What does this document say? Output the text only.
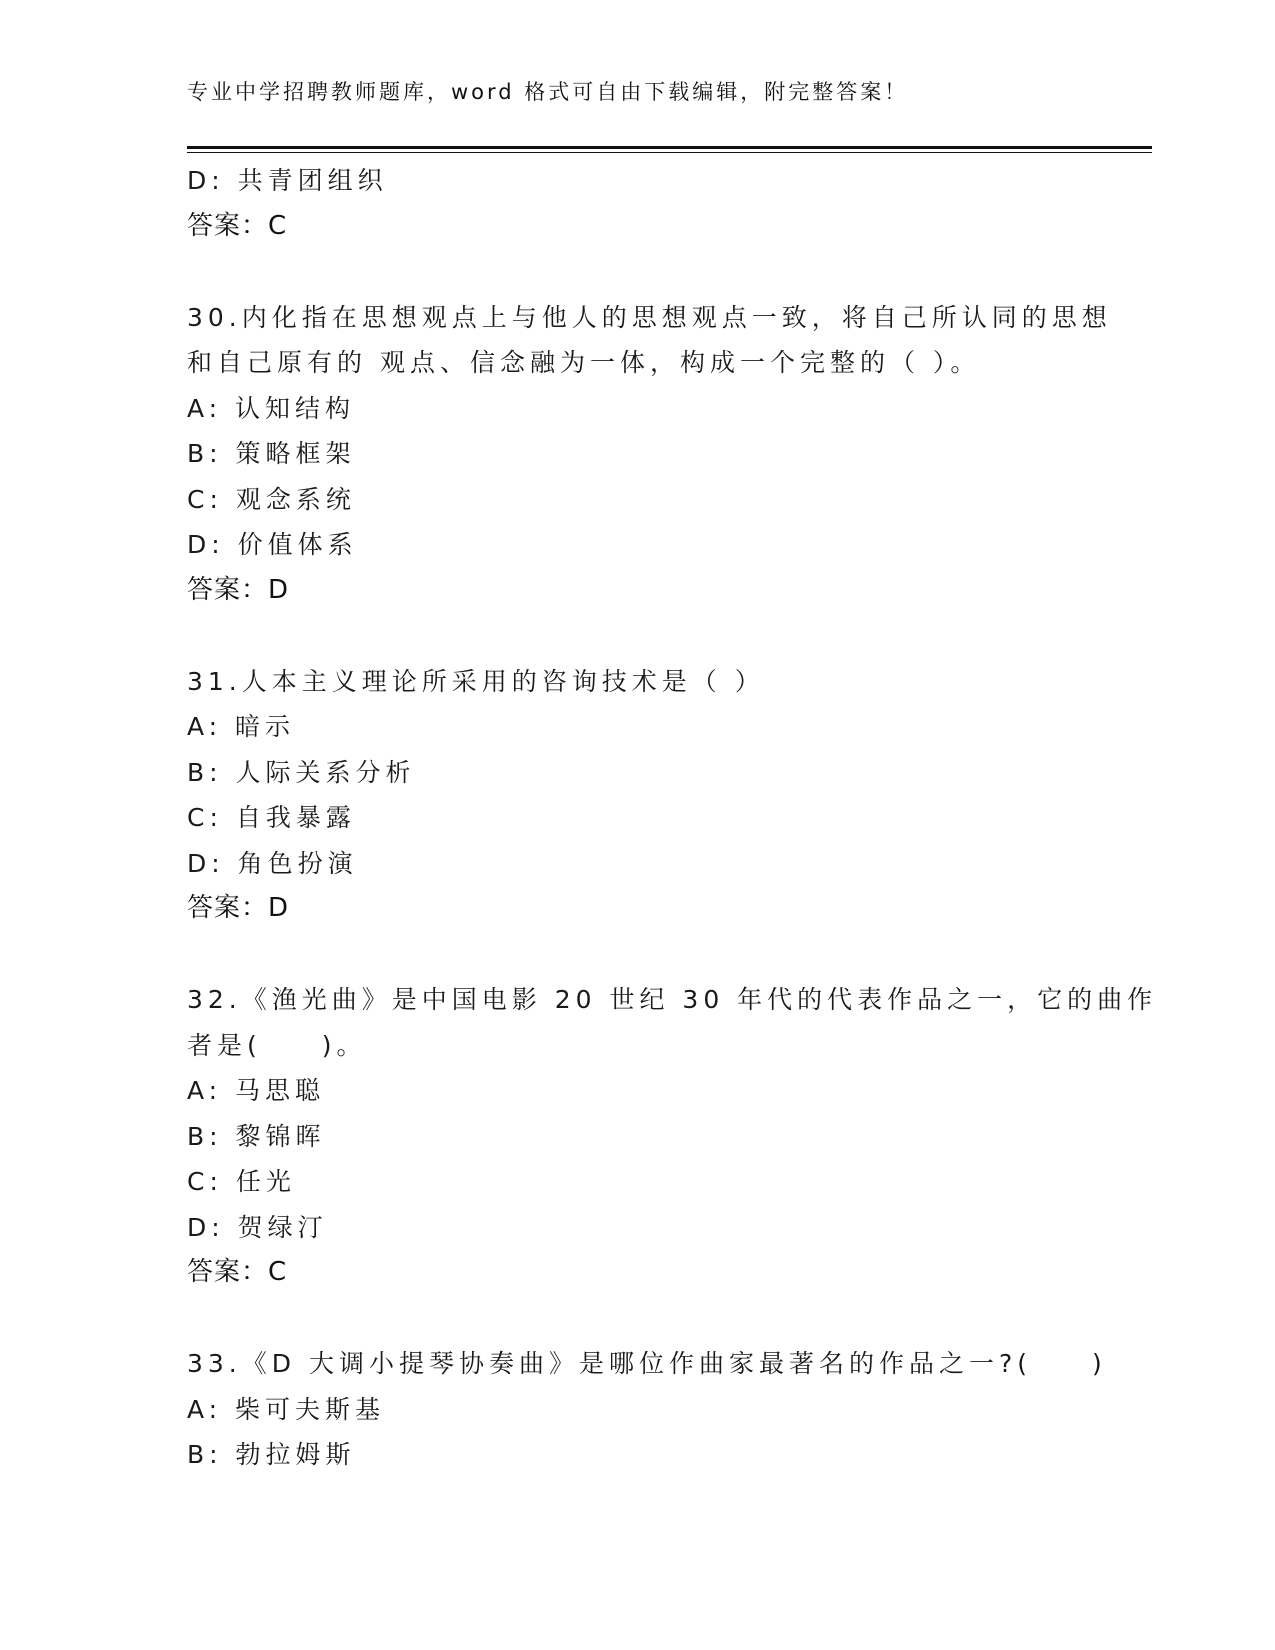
专业中学招聘教师题库，word 格式可自由下载编辑，附完整答案！
D: 共青团组织
答案：C
30.内化指在思想观点上与他人的思想观点一致，将自己所认同的思想
和自己原有的 观点、信念融为一体，构成一个完整的（ ）。
A: 认知结构
B: 策略框架
C: 观念系统
D: 价值体系
答案：D
31.人本主义理论所采用的咨询技术是（ ）
A: 暗示
B: 人际关系分析
C: 自我暴露
D: 角色扮演
答案：D
32.《渔光曲》是中国电影 20 世纪 30 年代的代表作品之一，它的曲作
者是(　　)。
A: 马思聪
B: 黎锦晖
C: 任光
D: 贺绿汀
答案：C
33.《D 大调小提琴协奏曲》是哪位作曲家最著名的作品之一?(　　)
A: 柴可夫斯基
B: 勃拉姆斯
